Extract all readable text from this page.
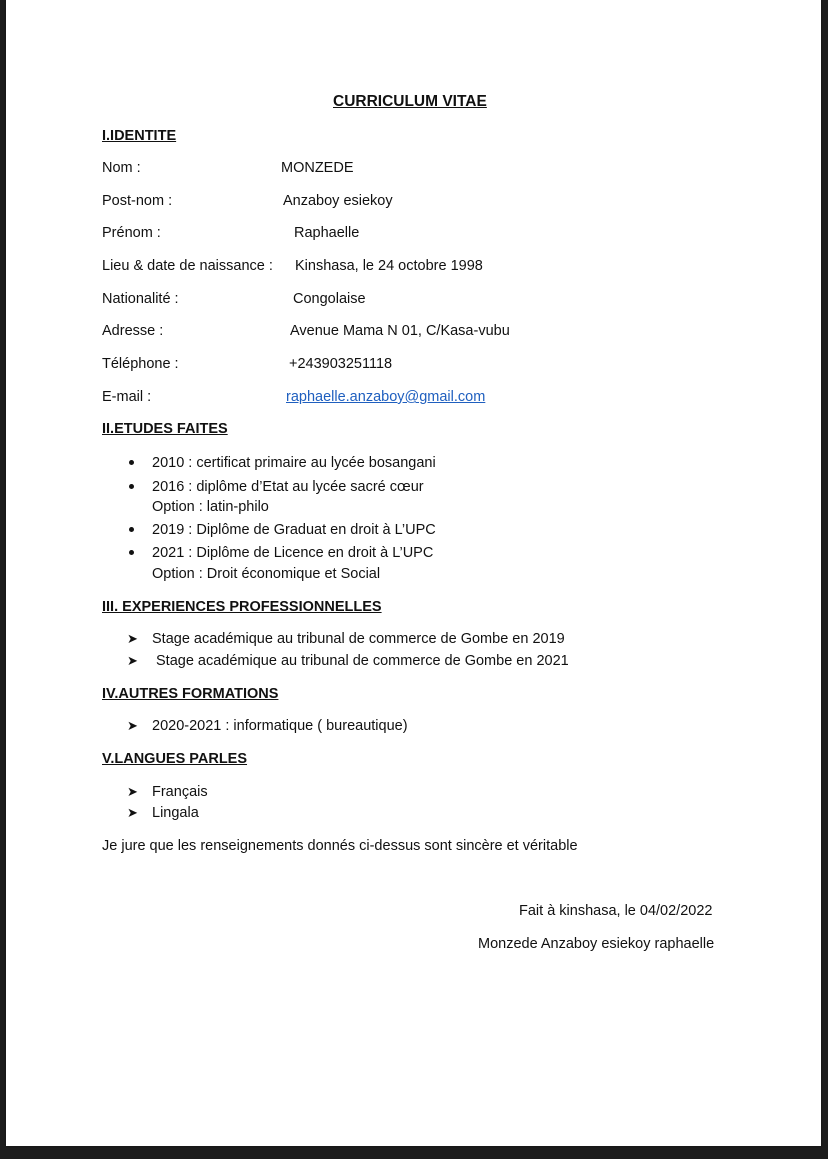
CURRICULUM VITAE
I.IDENTITE
Nom :	MONZEDE
Post-nom :	Anzaboy esiekoy
Prénom :	Raphaelle
Lieu & date de naissance : Kinshasa, le 24 octobre 1998
Nationalité :	Congolaise
Adresse :	Avenue Mama N 01, C/Kasa-vubu
Téléphone :	+243903251118
E-mail :	raphaelle.anzaboy@gmail.com
II.ETUDES FAITES
2010 : certificat primaire au lycée bosangani
2016 : diplôme d’Etat au lycée sacré cœur
Option : latin-philo
2019 : Diplôme de Graduat en droit à L’UPC
2021 : Diplôme de Licence en droit à L’UPC
Option : Droit économique et Social
III. EXPERIENCES PROFESSIONNELLES
➤ Stage académique au tribunal de commerce de Gombe en 2019
➤ Stage académique au tribunal de commerce de Gombe en 2021
IV.AUTRES FORMATIONS
➤ 2020-2021 : informatique ( bureautique)
V.LANGUES PARLES
➤ Français
➤ Lingala
Je jure que les renseignements donnés ci-dessus sont sincère et véritable
Fait à kinshasa, le 04/02/2022
Monzede Anzaboy esiekoy raphaelle
